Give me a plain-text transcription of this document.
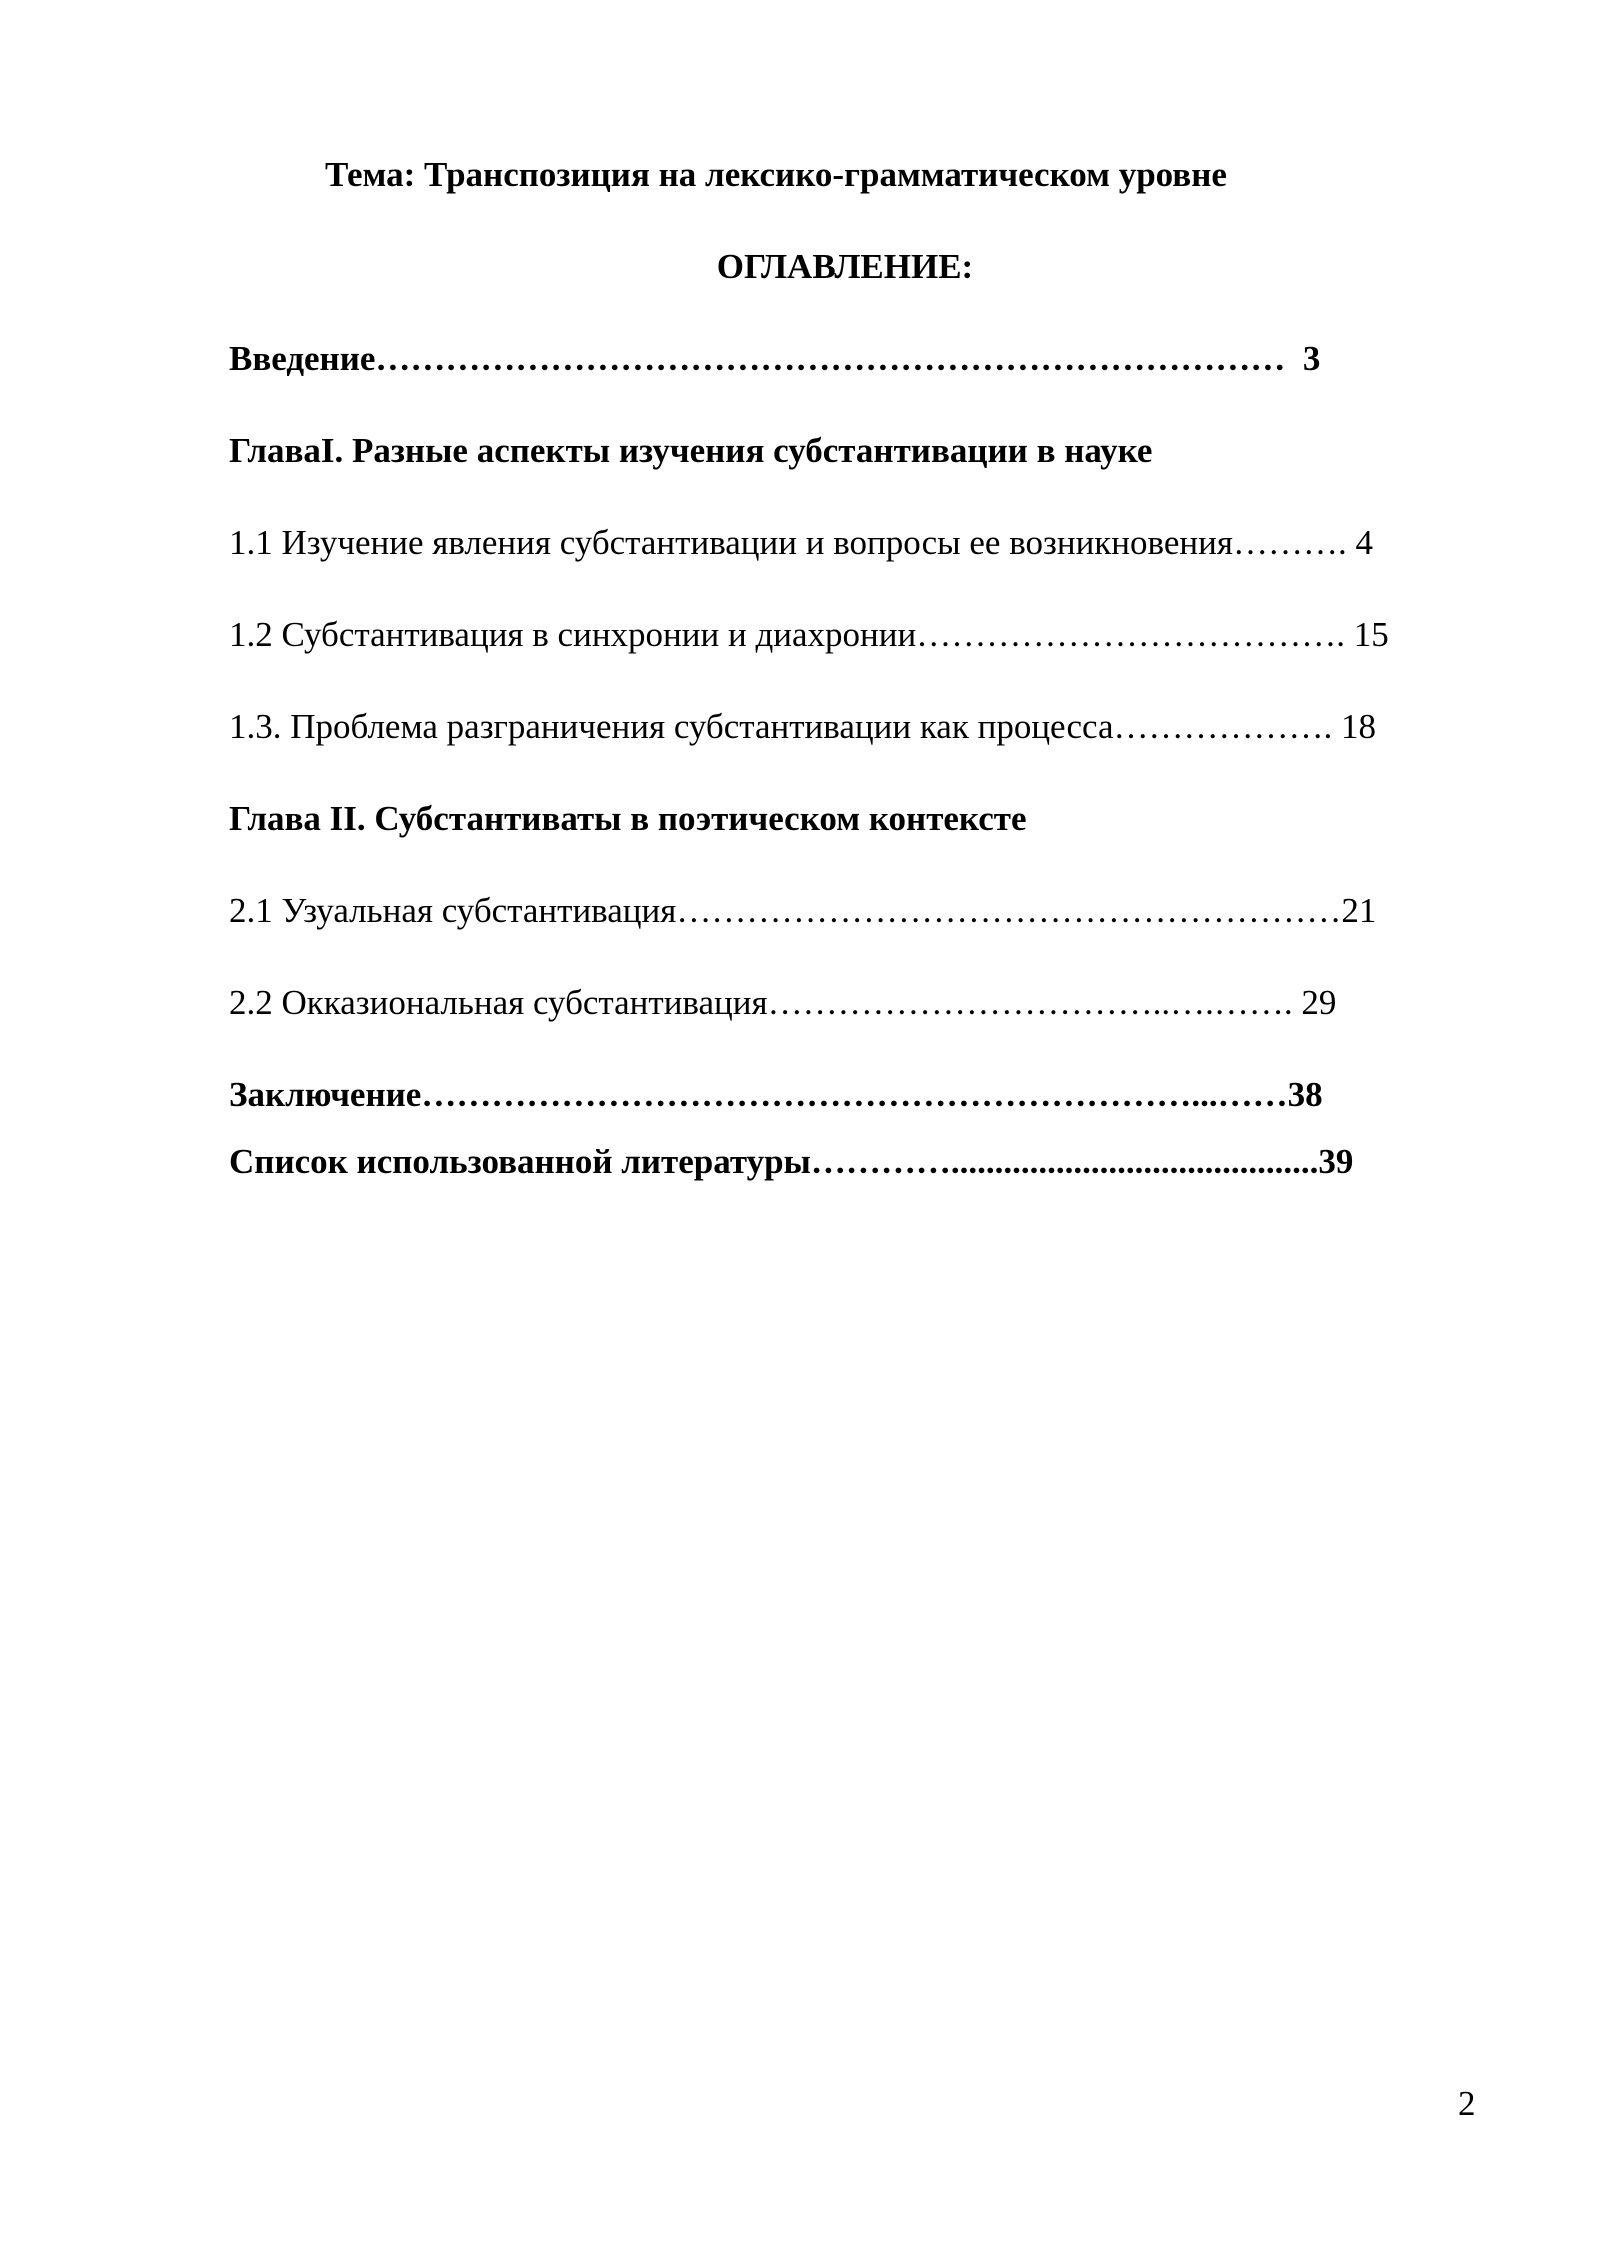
Тема: Транспозиция на лексико-грамматическом уровне
ОГЛАВЛЕНИЕ:
Введение……………………………………………………………………  3
ГлаваI. Разные аспекты изучения субстантивации в науке
1.1 Изучение явления субстантивации и вопросы ее возникновения………. 4
1.2 Субстантивация в синхронии и диахронии………………………………. 15
1.3. Проблема разграничения субстантивации как процесса………………. 18
Глава II. Субстантиваты в поэтическом контексте
2.1 Узуальная субстантивация…………………………………………………21
2.2 Окказиональная субстантивация……………………………..….……. 29
Заключение…………………………………………………………...……38
Список использованной литературы…………..........................................39
2
